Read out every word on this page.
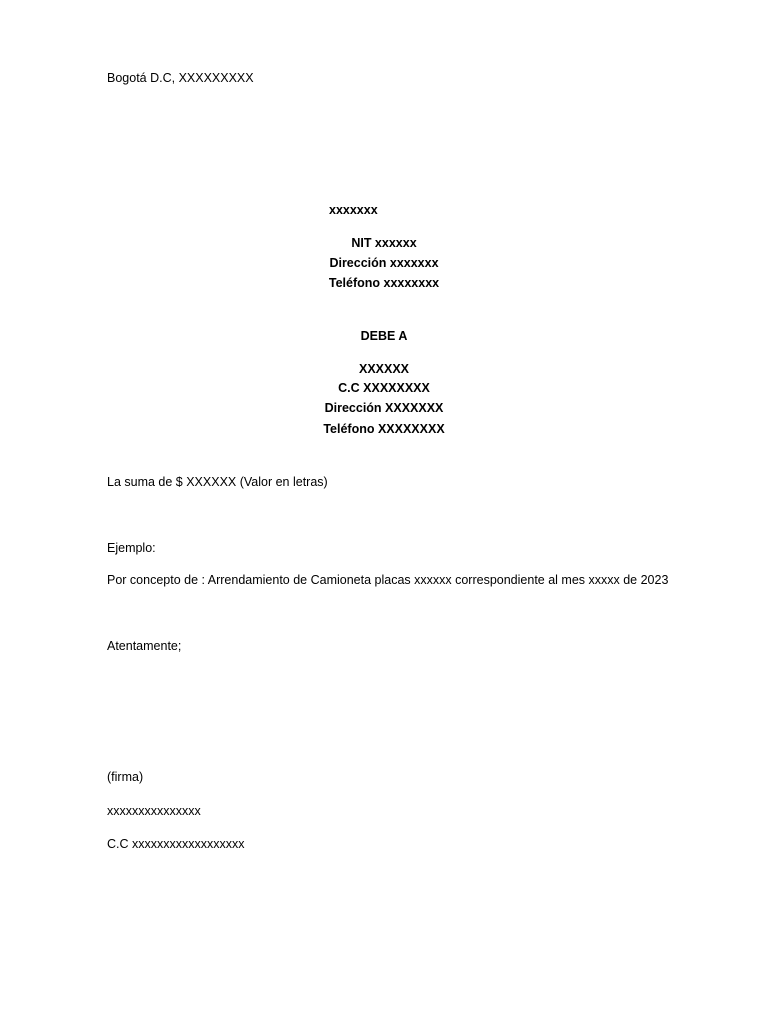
Bogotá D.C, XXXXXXXXX
xxxxxxx
NIT xxxxxx
Dirección xxxxxxx
Teléfono xxxxxxxx
DEBE A
XXXXXX
C.C XXXXXXXX
Dirección XXXXXXX
Teléfono XXXXXXXX
La suma de $ XXXXXX (Valor en letras)
Ejemplo:
Por concepto de : Arrendamiento de Camioneta placas xxxxxx correspondiente al mes xxxxx de 2023
Atentamente;
(firma)
xxxxxxxxxxxxxxx
C.C xxxxxxxxxxxxxxxxxx
